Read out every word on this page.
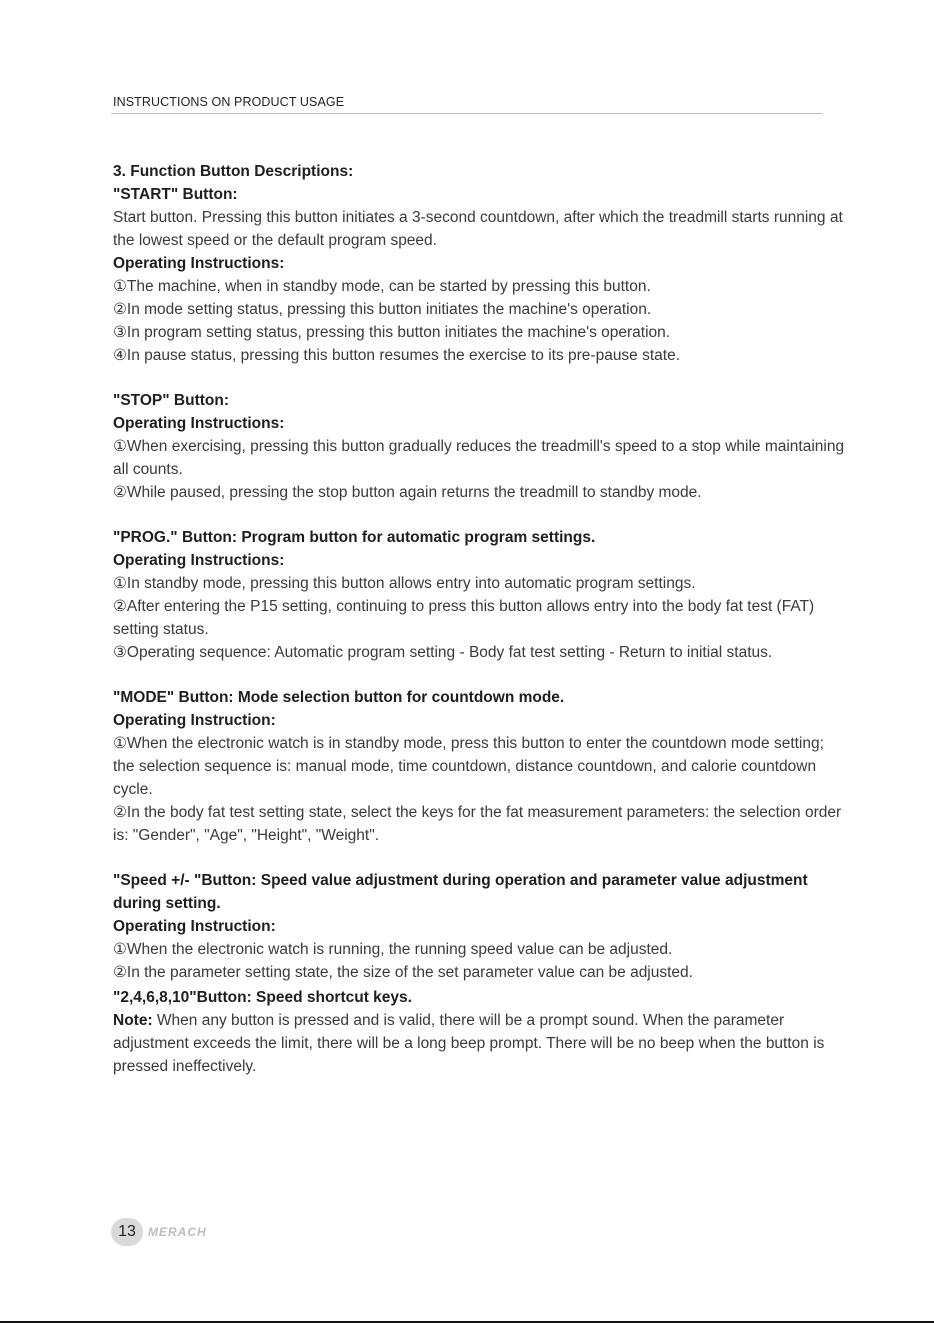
INSTRUCTIONS ON PRODUCT USAGE

3. Function Button Descriptions:

"START" Button:

Start button. Pressing this button initiates a 3-second countdown, after which the treadmill starts running at the lowest speed or the default program speed.

Operating Instructions:

①The machine, when in standby mode, can be started by pressing this button.

②In mode setting status, pressing this button initiates the machine's operation.

③In program setting status, pressing this button initiates the machine's operation.

④In pause status, pressing this button resumes the exercise to its pre-pause state.

"STOP" Button:

Operating Instructions:

①When exercising, pressing this button gradually reduces the treadmill's speed to a stop while maintaining all counts.

②While paused, pressing the stop button again returns the treadmill to standby mode.

"PROG." Button: Program button for automatic program settings.

Operating Instructions:

①In standby mode, pressing this button allows entry into automatic program settings.

②After entering the P15 setting, continuing to press this button allows entry into the body fat test (FAT) setting status.

③Operating sequence: Automatic program setting - Body fat test setting - Return to initial status.

"MODE" Button: Mode selection button for countdown mode.

Operating Instruction:

①When the electronic watch is in standby mode, press this button to enter the countdown mode setting; the selection sequence is: manual mode, time countdown, distance countdown, and calorie countdown cycle.

②In the body fat test setting state, select the keys for the fat measurement parameters: the selection order is: "Gender", "Age", "Height", "Weight".

"Speed +/- "Button: Speed value adjustment during operation and parameter value adjustment during setting.

Operating Instruction:

①When the electronic watch is running, the running speed value can be adjusted.

②In the parameter setting state, the size of the set parameter value can be adjusted.

"2,4,6,8,10"Button: Speed shortcut keys.

Note: When any button is pressed and is valid, there will be a prompt sound. When the parameter adjustment exceeds the limit, there will be a long beep prompt. There will be no beep when the button is pressed ineffectively.

13	MERACH
